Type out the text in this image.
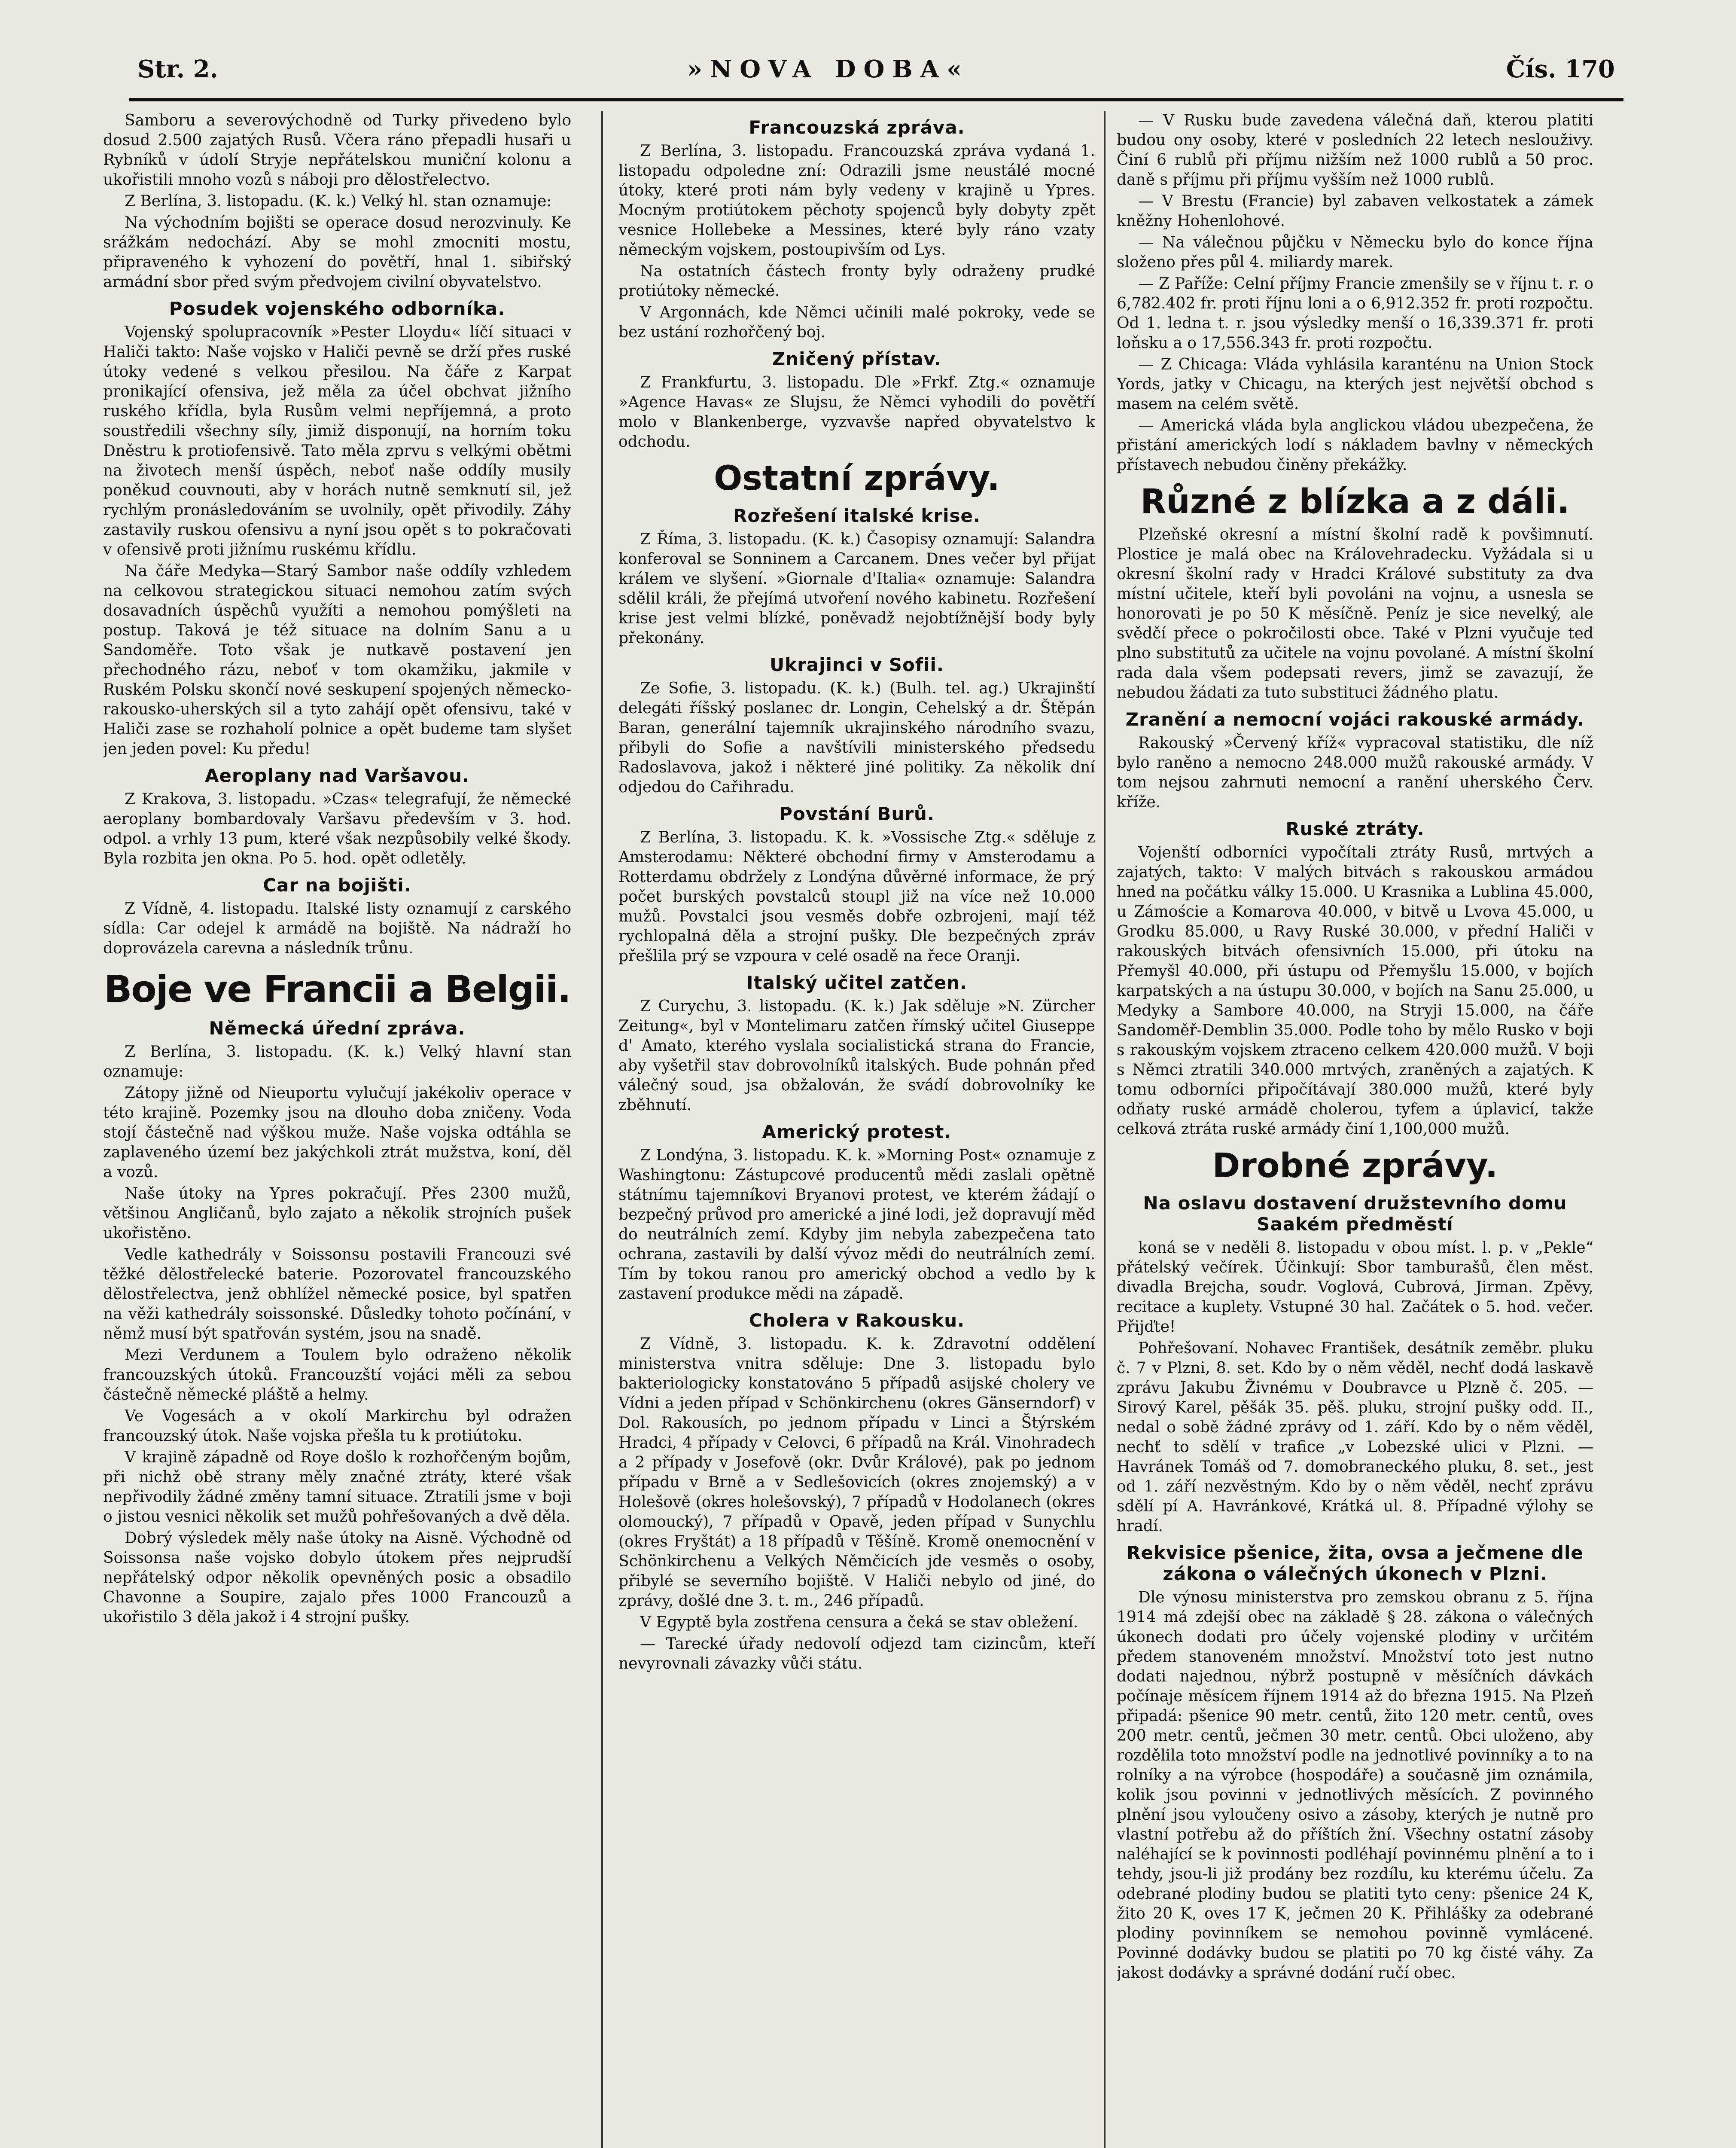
Str. 2.	»NOVA DOBA«	Čís. 170

Samboru a severovýchodně od Turky přivedeno bylo dosud 2.500 zajatých Rusů. Včera ráno přepadli husaři u Rybníků v údolí Stryje nepřátelskou muniční kolonu a ukořistili mnoho vozů s náboji pro dělostřelectvo.

Z Berlína, 3. listopadu. (K. k.) Velký hl. stan oznamuje:

Na východním bojišti se operace dosud nerozvinuly. Ke srážkám nedochází. Aby se mohl zmocniti mostu, připraveného k vyhození do povětří, hnal 1. sibiřský armádní sbor před svým předvojem civilní obyvatelstvo.

Posudek vojenského odborníka.

Vojenský spolupracovník »Pester Lloydu« líčí situaci v Haliči takto: Naše vojsko v Haliči pevně se drží přes ruské útoky vedené s velkou přesilou. Na čáře z Karpat pronikající ofensiva, jež měla za účel obchvat jižního ruského křídla, byla Rusům velmi nepříjemná, a proto soustředili všechny síly, jimiž disponují, na horním toku Dněstru k protiofensivě. Tato měla zprvu s velkými obětmi na životech menší úspěch, neboť naše oddíly musily poněkud couvnouti, aby v horách nutně semknutí sil, jež rychlým pronásledováním se uvolnily, opět přivodily. Záhy zastavily ruskou ofensivu a nyní jsou opět s to pokračovati v ofensivě proti jižnímu ruskému křídlu.

Na čáře Medyka—Starý Sambor naše oddíly vzhledem na celkovou strategickou situaci nemohou zatím svých dosavadních úspěchů využíti a nemohou pomýšleti na postup. Taková je též situace na dolním Sanu a u Sandoměře. Toto však je nutkavě postavení jen přechodného rázu, neboť v tom okamžiku, jakmile v Ruském Polsku skončí nové seskupení spojených německo-rakousko-uherských sil a tyto zahájí opět ofensivu, také v Haliči zase se rozhaholí polnice a opět budeme tam slyšet jen jeden povel: Ku předu!

Aeroplany nad Varšavou.

Z Krakova, 3. listopadu. »Czas« telegrafují, že německé aeroplany bombardovaly Varšavu především v 3. hod. odpol. a vrhly 13 pum, které však nezpůsobily velké škody. Byla rozbita jen okna. Po 5. hod. opět odletěly.

Car na bojišti.

Z Vídně, 4. listopadu. Italské listy oznamují z carského sídla: Car odejel k armádě na bojiště. Na nádraží ho doprovázela carevna a následník trůnu.

Boje ve Francii a Belgii.
Německá úřední zpráva.

Z Berlína, 3. listopadu. (K. k.) Velký hlavní stan oznamuje:

Zátopy jižně od Nieuportu vylučují jakékoliv operace v této krajině. Pozemky jsou na dlouho doba zničeny. Voda stojí částečně nad výškou muže. Naše vojska odtáhla se zaplaveného území bez jakýchkoli ztrát mužstva, koní, děl a vozů.

Naše útoky na Ypres pokračují. Přes 2300 mužů, většinou Angličanů, bylo zajato a několik strojních pušek ukořistěno.

Vedle kathedrály v Soissonsu postavili Francouzi své těžké dělostřelecké baterie. Pozorovatel francouzského dělostřelectva, jenž obhlížel německé posice, byl spatřen na věži kathedrály soissonské. Důsledky tohoto počínání, v němž musí být spatřován systém, jsou na snadě.

Mezi Verdunem a Toulem bylo odraženo několik francouzských útoků. Francouzští vojáci měli za sebou částečně německé pláště a helmy.

Ve Vogesách a v okolí Markirchu byl odražen francouzský útok. Naše vojska přešla tu k protiútoku.

V krajině západně od Roye došlo k rozhořčeným bojům, při nichž obě strany měly značné ztráty, které však nepřivodily žádné změny tamní situace. Ztratili jsme v boji o jistou vesnici několik set mužů pohřešovaných a dvě děla.

Dobrý výsledek měly naše útoky na Aisně. Východně od Soissonsa naše vojsko dobylo útokem přes nejprudší nepřátelský odpor několik opevněných posic a obsadilo Chavonne a Soupire, zajalo přes 1000 Francouzů a ukořistilo 3 děla jakož i 4 strojní pušky.

Francouzská zpráva.

Z Berlína, 3. listopadu. Francouzská zpráva vydaná 1. listopadu odpoledne zní: Odrazili jsme neustálé mocné útoky, které proti nám byly vedeny v krajině u Ypres. Mocným protiútokem pěchoty spojenců byly dobyty zpět vesnice Hollebeke a Messines, které byly ráno vzaty německým vojskem, postoupivším od Lys.

Na ostatních částech fronty byly odraženy prudké protiútoky německé.

V Argonnách, kde Němci učinili malé pokroky, vede se bez ustání rozhořčený boj.

Zničený přístav.

Z Frankfurtu, 3. listopadu. Dle »Frkf. Ztg.« oznamuje »Agence Havas« ze Slujsu, že Němci vyhodili do povětří molo v Blankenberge, vyzvavše napřed obyvatelstvo k odchodu.

Ostatní zprávy.
Rozřešení italské krise.

Z Říma, 3. listopadu. (K. k.) Časopisy oznamují: Salandra konferoval se Sonninem a Carcanem. Dnes večer byl přijat králem ve slyšení. »Giornale d'Italia« oznamuje: Salandra sdělil králi, že přejímá utvoření nového kabinetu. Rozřešení krise jest velmi blízké, poněvadž nejobtížnější body byly překonány.

Ukrajinci v Sofii.

Ze Sofie, 3. listopadu. (K. k.) (Bulh. tel. ag.) Ukrajinští delegáti říšský poslanec dr. Longin, Cehelský a dr. Štěpán Baran, generální tajemník ukrajinského národního svazu, přibyli do Sofie a navštívili ministerského předsedu Radoslavova, jakož i některé jiné politiky. Za několik dní odjedou do Cařihradu.

Povstání Burů.

Z Berlína, 3. listopadu. K. k. »Vossische Ztg.« sděluje z Amsterodamu: Některé obchodní firmy v Amsterodamu a Rotterdamu obdržely z Londýna důvěrné informace, že prý počet burských povstalců stoupl již na více než 10.000 mužů. Povstalci jsou vesměs dobře ozbrojeni, mají též rychlopalná děla a strojní pušky. Dle bezpečných zpráv přešlila prý se vzpoura v celé osadě na řece Oranji.

Italský učitel zatčen.

Z Curychu, 3. listopadu. (K. k.) Jak sděluje »N. Zürcher Zeitung«, byl v Montelimaru zatčen římský učitel Giuseppe d' Amato, kterého vyslala socialistická strana do Francie, aby vyšetřil stav dobrovolníků italských. Bude pohnán před válečný soud, jsa obžalován, že svádí dobrovolníky ke zběhnutí.

Americký protest.

Z Londýna, 3. listopadu. K. k. »Morning Post« oznamuje z Washingtonu: Zástupcové producentů mědi zaslali opětně státnímu tajemníkovi Bryanovi protest, ve kterém žádají o bezpečný průvod pro americké a jiné lodi, jež dopravují měď do neutrálních zemí. Kdyby jim nebyla zabezpečena tato ochrana, zastavili by další vývoz mědi do neutrálních zemí. Tím by tokou ranou pro americký obchod a vedlo by k zastavení produkce mědi na západě.

Cholera v Rakousku.

Z Vídně, 3. listopadu. K. k. Zdravotní oddělení ministerstva vnitra sděluje: Dne 3. listopadu bylo bakteriologicky konstatováno 5 případů asijské cholery ve Vídni a jeden případ v Schönkirchenu (okres Gänserndorf) v Dol. Rakousích, po jednom případu v Linci a Štýrském Hradci, 4 případy v Celovci, 6 případů na Král. Vinohradech a 2 případy v Josefově (okr. Dvůr Králové), pak po jednom případu v Brně a v Sedlešovicích (okres znojemský) a v Holešově (okres holešovský), 7 případů v Hodolanech (okres olomoucký), 7 případů v Opavě, jeden případ v Sunychlu (okres Fryštát) a 18 případů v Těšíně. Kromě onemocnění v Schönkirchenu a Velkých Němčicích jde vesměs o osoby, přibylé se severního bojiště. V Haliči nebylo od jiné, do zprávy, došlé dne 3. t. m., 246 případů.

V Egyptě byla zostřena censura a čeká se stav obležení.

— Tarecké úřady nedovolí odjezd tam cizincům, kteří nevyrovnali závazky vůči státu.

— V Rusku bude zavedena válečná daň, kterou platiti budou ony osoby, které v posledních 22 letech neslouživy. Činí 6 rublů při příjmu nižším než 1000 rublů a 50 proc. daně s příjmu při příjmu vyšším než 1000 rublů.

— V Brestu (Francie) byl zabaven velkostatek a zámek kněžny Hohenlohové.

— Na válečnou půjčku v Německu bylo do konce října složeno přes půl 4. miliardy marek.

— Z Paříže: Celní příjmy Francie zmenšily se v říjnu t. r. o 6,782.402 fr. proti říjnu loni a o 6,912.352 fr. proti rozpočtu. Od 1. ledna t. r. jsou výsledky menší o 16,339.371 fr. proti loňsku a o 17,556.343 fr. proti rozpočtu.

— Z Chicaga: Vláda vyhlásila karanténu na Union Stock Yords, jatky v Chicagu, na kterých jest největší obchod s masem na celém světě.

— Americká vláda byla anglickou vládou ubezpečena, že přistání amerických lodí s nákladem bavlny v německých přístavech nebudou činěny překážky.

Různé z blízka a z dáli.

Plzeňské okresní a místní školní radě k povšimnutí. Plostice je malá obec na Královehradecku. Vyžádala si u okresní školní rady v Hradci Králové substituty za dva místní učitele, kteří byli povoláni na vojnu, a usnesla se honorovati je po 50 K měsíčně. Peníz je sice nevelký, ale svědčí přece o pokročilosti obce. Také v Plzni vyučuje teď plno substitutů za učitele na vojnu povolané. A místní školní rada dala všem podepsati revers, jimž se zavazují, že nebudou žádati za tuto substituci žádného platu.

Zranění a nemocní vojáci rakouské armády.

Rakouský »Červený kříž« vypracoval statistiku, dle níž bylo raněno a nemocno 248.000 mužů rakouské armády. V tom nejsou zahrnuti nemocní a ranění uherského Červ. kříže.

Ruské ztráty.

Vojenští odborníci vypočítali ztráty Rusů, mrtvých a zajatých, takto: V malých bitvách s rakouskou armádou hned na počátku války 15.000. U Krasnika a Lublina 45.000, u Zámoście a Komarova 40.000, v bitvě u Lvova 45.000, u Grodku 85.000, u Ravy Ruské 30.000, v přední Haliči v rakouských bitvách ofensivních 15.000, při útoku na Přemyšl 40.000, při ústupu od Přemyšlu 15.000, v bojích karpatských a na ústupu 30.000, v bojích na Sanu 25.000, u Medyky a Sambore 40.000, na Stryji 15.000, na čáře Sandoměř-Demblin 35.000. Podle toho by mělo Rusko v boji s rakouským vojskem ztraceno celkem 420.000 mužů. V boji s Němci ztratili 340.000 mrtvých, zraněných a zajatých. K tomu odborníci připočítávají 380.000 mužů, které byly odňaty ruské armádě cholerou, tyfem a úplavicí, takže celková ztráta ruské armády činí 1,100,000 mužů.

Drobné zprávy.
Na oslavu dostavení družstevního domu Saakém předměstí

koná se v neděli 8. listopadu v obou míst. l. p. v „Pekle“ přátelský večírek. Účinkují: Sbor tamburašů, člen měst. divadla Brejcha, soudr. Voglová, Cubrová, Jirman. Zpěvy, recitace a kuplety. Vstupné 30 hal. Začátek o 5. hod. večer. Přijďte!

Pohřešovaní. Nohavec František, desátník zeměbr. pluku č. 7 v Plzni, 8. set. Kdo by o něm věděl, nechť dodá laskavě zprávu Jakubu Živnému v Doubravce u Plzně č. 205. — Sirový Karel, pěšák 35. pěš. pluku, strojní pušky odd. II., nedal o sobě žádné zprávy od 1. září. Kdo by o něm věděl, nechť to sdělí v trafice „v Lobezské ulici v Plzni. — Havránek Tomáš od 7. domobraneckého pluku, 8. set., jest od 1. září nezvěstným. Kdo by o něm věděl, nechť zprávu sdělí pí A. Havránkové, Krátká ul. 8. Případné výlohy se hradí.

Rekvisice pšenice, žita, ovsa a ječmene dle zákona o válečných úkonech v Plzni.

Dle výnosu ministerstva pro zemskou obranu z 5. října 1914 má zdejší obec na základě § 28. zákona o válečných úkonech dodati pro účely vojenské plodiny v určitém předem stanoveném množství. Množství toto jest nutno dodati najednou, nýbrž postupně v měsíčních dávkách počínaje měsícem říjnem 1914 až do března 1915. Na Plzeň připadá: pšenice 90 metr. centů, žito 120 metr. centů, oves 200 metr. centů, ječmen 30 metr. centů. Obci uloženo, aby rozdělila toto množství podle na jednotlivé povinníky a to na rolníky a na výrobce (hospodáře) a současně jim oznámila, kolik jsou povinni v jednotlivých měsících. Z povinného plnění jsou vyloučeny osivo a zásoby, kterých je nutně pro vlastní potřebu až do příštích žní. Všechny ostatní zásoby naléhající se k povinnosti podléhají povinnému plnění a to i tehdy, jsou-li již prodány bez rozdílu, ku kterému účelu. Za odebrané plodiny budou se platiti tyto ceny: pšenice 24 K, žito 20 K, oves 17 K, ječmen 20 K. Přihlášky za odebrané plodiny povinníkem se nemohou povinně vymlácené. Povinné dodávky budou se platiti po 70 kg čisté váhy. Za jakost dodávky a správné dodání ručí obec.
